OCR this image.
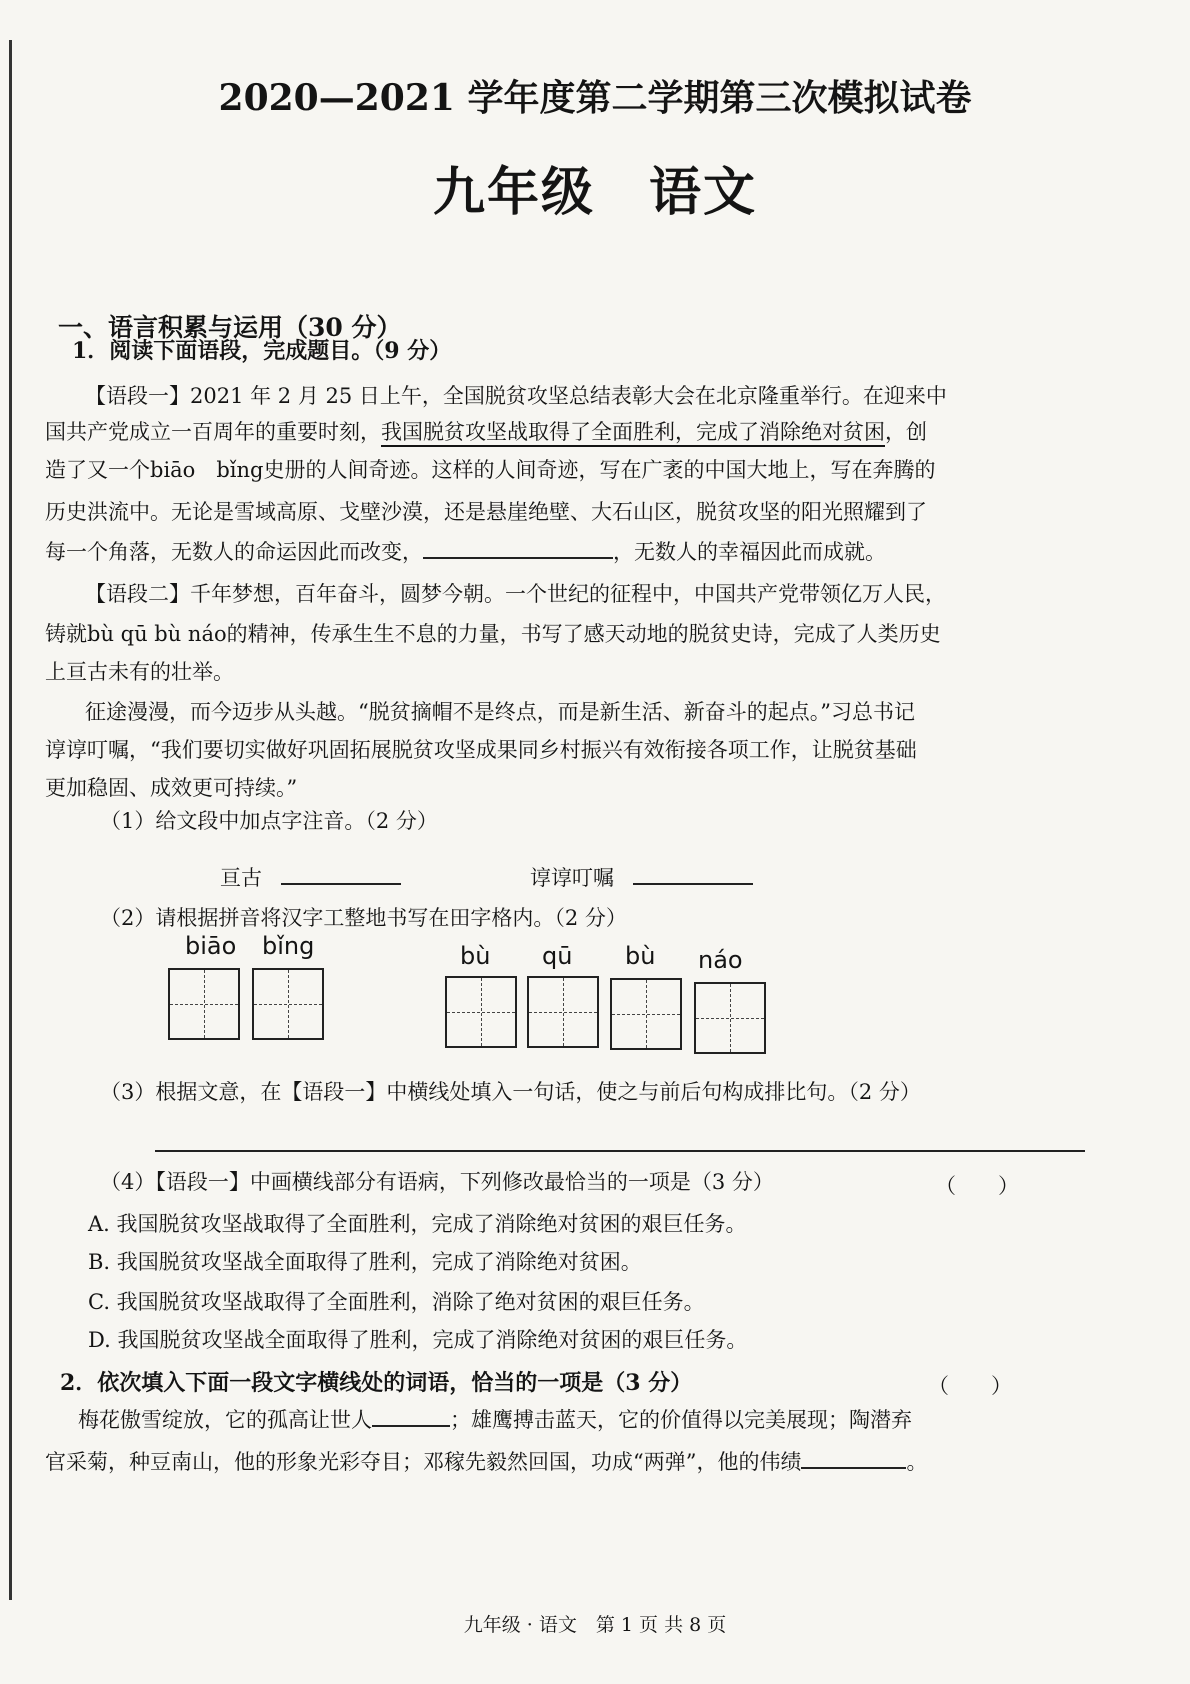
2020—2021 学年度第二学期第三次模拟试卷
九年级　语文
一、语言积累与运用（30 分）
1．阅读下面语段，完成题目。（9 分）
【语段一】2021 年 2 月 25 日上午，全国脱贫攻坚总结表彰大会在北京隆重举行。在迎来中
国共产党成立一百周年的重要时刻，我国脱贫攻坚战取得了全面胜利，完成了消除绝对贫困，创
造了又一个biāo　bǐng史册的人间奇迹。这样的人间奇迹，写在广袤的中国大地上，写在奔腾的
历史洪流中。无论是雪域高原、戈壁沙漠，还是悬崖绝壁、大石山区，脱贫攻坚的阳光照耀到了
每一个角落，无数人的命运因此而改变，	，无数人的幸福因此而成就。
【语段二】千年梦想，百年奋斗，圆梦今朝。一个世纪的征程中，中国共产党带领亿万人民，
铸就bù qū bù náo的精神，传承生生不息的力量，书写了感天动地的脱贫史诗，完成了人类历史
上亘古未有的壮举。
征途漫漫，而今迈步从头越。“脱贫摘帽不是终点，而是新生活、新奋斗的起点。”习总书记
谆谆叮嘱，“我们要切实做好巩固拓展脱贫攻坚成果同乡村振兴有效衔接各项工作，让脱贫基础
更加稳固、成效更可持续。”
（1）给文段中加点字注音。（2 分）
亘古	谆谆叮嘱
（2）请根据拼音将汉字工整地书写在田字格内。（2 分）
biāo bǐng	bù qū bù náo
（3）根据文意，在【语段一】中横线处填入一句话，使之与前后句构成排比句。（2 分）
（4）【语段一】中画横线部分有语病，下列修改最恰当的一项是（3 分）	（　　）
A. 我国脱贫攻坚战取得了全面胜利，完成了消除绝对贫困的艰巨任务。
B. 我国脱贫攻坚战全面取得了胜利，完成了消除绝对贫困。
C. 我国脱贫攻坚战取得了全面胜利，消除了绝对贫困的艰巨任务。
D. 我国脱贫攻坚战全面取得了胜利，完成了消除绝对贫困的艰巨任务。
2．依次填入下面一段文字横线处的词语，恰当的一项是（3 分）	（　　）
梅花傲雪绽放，它的孤高让世人	；雄鹰搏击蓝天，它的价值得以完美展现；陶潜弃
官采菊，种豆南山，他的形象光彩夺目；邓稼先毅然回国，功成“两弹”，他的伟绩	。
九年级 · 语文　第 1 页 共 8 页
